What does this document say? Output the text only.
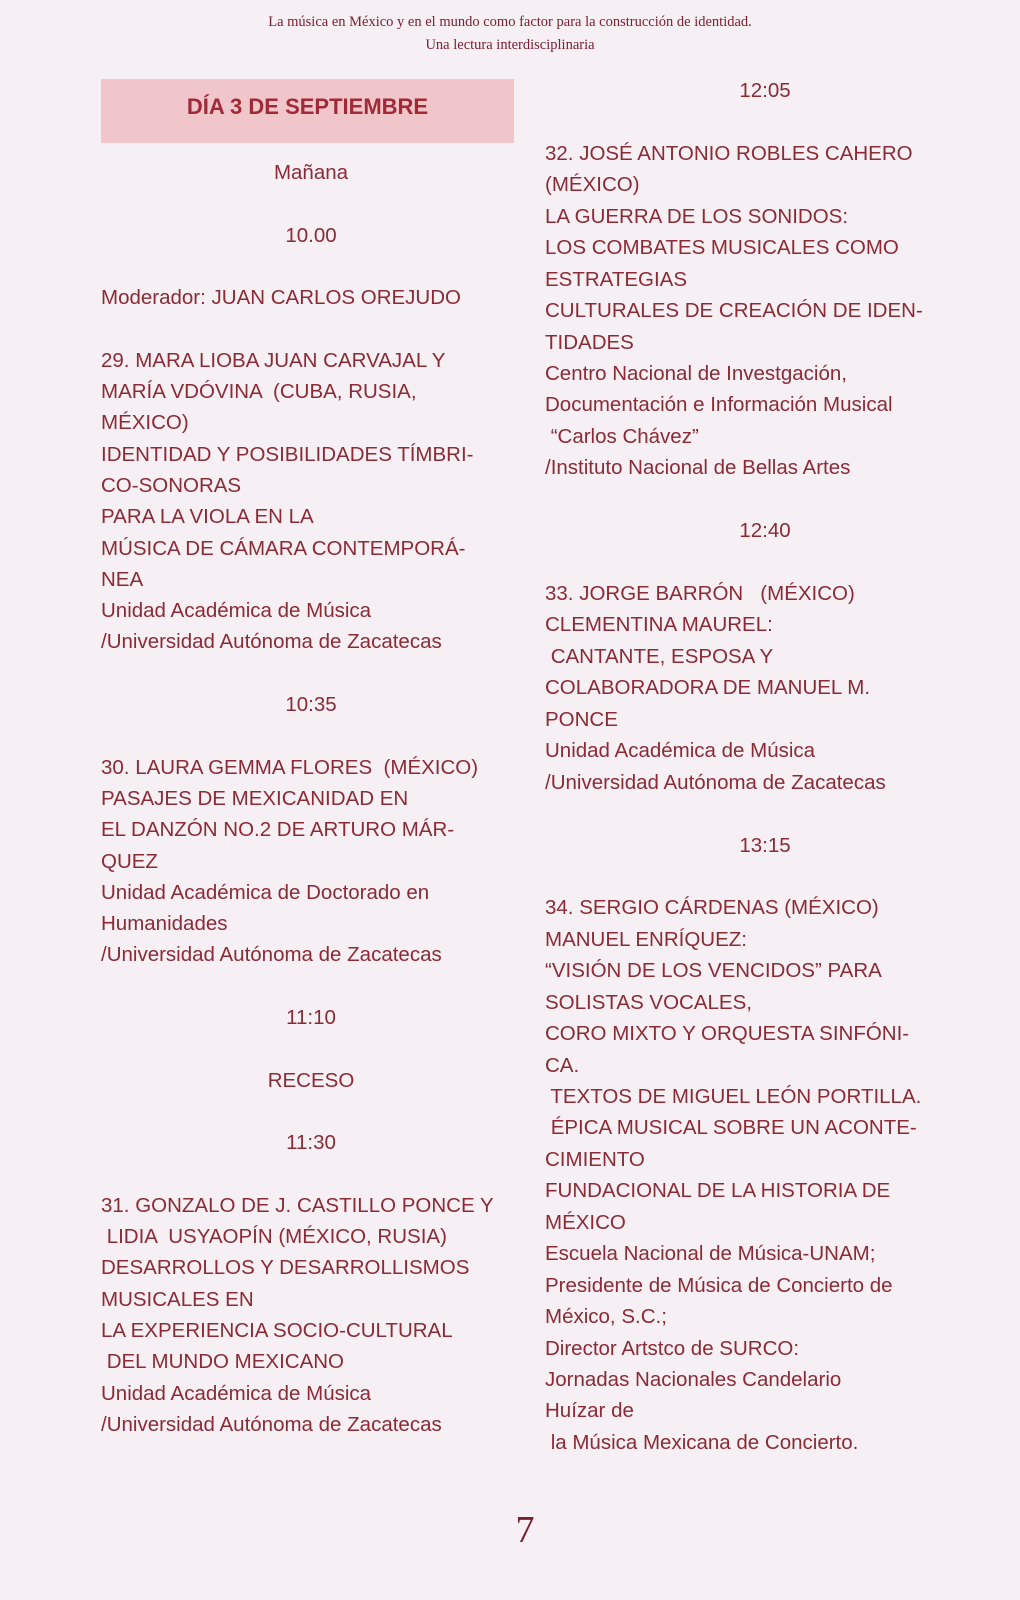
La música en México y en el mundo como factor para la construcción de identidad.
Una lectura interdisciplinaria
DÍA 3 DE SEPTIEMBRE
Mañana
10.00
Moderador: JUAN CARLOS OREJUDO
29. MARA LIOBA JUAN CARVAJAL Y
MARÍA VDÓVINA  (CUBA, RUSIA,
MÉXICO)
IDENTIDAD Y POSIBILIDADES TÍMBRI-
CO-SONORAS
PARA LA VIOLA EN LA
MÚSICA DE CÁMARA CONTEMPORÁ-
NEA
Unidad Académica de Música
/Universidad Autónoma de Zacatecas
10:35
30. LAURA GEMMA FLORES  (MÉXICO)
PASAJES DE MEXICANIDAD EN
EL DANZÓN NO.2 DE ARTURO MÁR-
QUEZ
Unidad Académica de Doctorado en
Humanidades
/Universidad Autónoma de Zacatecas
11:10
RECESO
11:30
31. GONZALO DE J. CASTILLO PONCE Y
LIDIA  USYAOPÍN (MÉXICO, RUSIA)
DESARROLLOS Y DESARROLLISMOS
MUSICALES EN
LA EXPERIENCIA SOCIO-CULTURAL
DEL MUNDO MEXICANO
Unidad Académica de Música
/Universidad Autónoma de Zacatecas
12:05
32. JOSÉ ANTONIO ROBLES CAHERO
(MÉXICO)
LA GUERRA DE LOS SONIDOS:
LOS COMBATES MUSICALES COMO
ESTRATEGIAS
CULTURALES DE CREACIÓN DE IDEN-
TIDADES
Centro Nacional de Investgación,
Documentación e Información Musical
“Carlos Chávez”
/Instituto Nacional de Bellas Artes
12:40
33. JORGE BARRÓN   (MÉXICO)
CLEMENTINA MAUREL:
CANTANTE, ESPOSA Y
COLABORADORA DE MANUEL M.
PONCE
Unidad Académica de Música
/Universidad Autónoma de Zacatecas
13:15
34. SERGIO CÁRDENAS (MÉXICO)
MANUEL ENRÍQUEZ:
“VISIÓN DE LOS VENCIDOS” PARA
SOLISTAS VOCALES,
CORO MIXTO Y ORQUESTA SINFÓNI-
CA.
TEXTOS DE MIGUEL LEÓN PORTILLA.
ÉPICA MUSICAL SOBRE UN ACONTE-
CIMIENTO
FUNDACIONAL DE LA HISTORIA DE
MÉXICO
Escuela Nacional de Música-UNAM;
Presidente de Música de Concierto de
México, S.C.;
Director Artstco de SURCO:
Jornadas Nacionales Candelario
Huízar de
la Música Mexicana de Concierto.
7
